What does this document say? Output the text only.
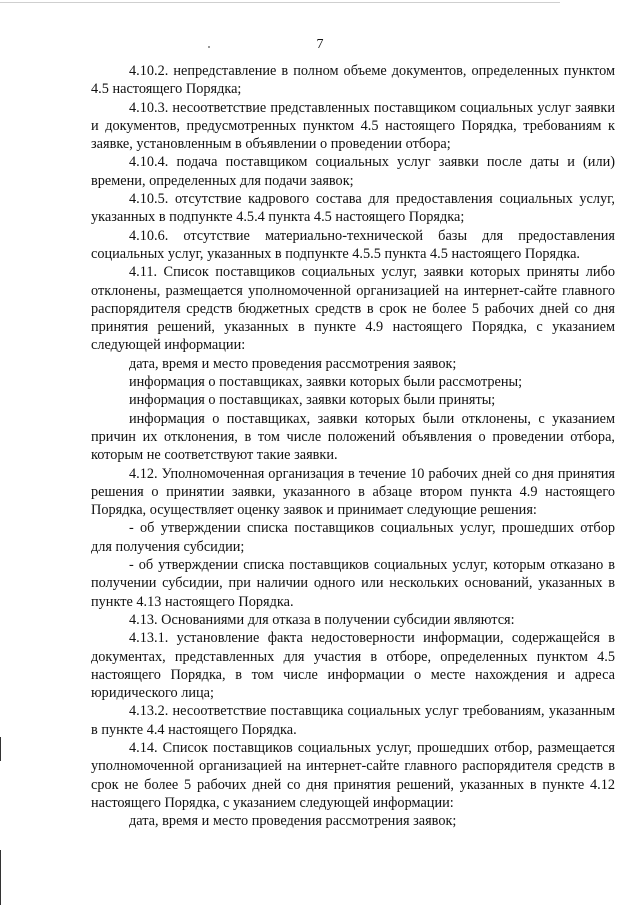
7

4.10.2. непредставление в полном объеме документов, определенных пунктом 4.5 настоящего Порядка;

4.10.3. несоответствие представленных поставщиком социальных услуг заявки и документов, предусмотренных пунктом 4.5 настоящего Порядка, требованиям к заявке, установленным в объявлении о проведении отбора;

4.10.4. подача поставщиком социальных услуг заявки после даты и (или) времени, определенных для подачи заявок;

4.10.5. отсутствие кадрового состава для предоставления социальных услуг, указанных в подпункте 4.5.4 пункта 4.5 настоящего Порядка;

4.10.6. отсутствие материально-технической базы для предоставления социальных услуг, указанных в подпункте 4.5.5 пункта 4.5 настоящего Порядка.

4.11. Список поставщиков социальных услуг, заявки которых приняты либо отклонены, размещается уполномоченной организацией на интернет-сайте главного распорядителя средств бюджетных средств в срок не более 5 рабочих дней со дня принятия решений, указанных в пункте 4.9 настоящего Порядка, с указанием следующей информации:

дата, время и место проведения рассмотрения заявок;

информация о поставщиках, заявки которых были рассмотрены;

информация о поставщиках, заявки которых были приняты;

информация о поставщиках, заявки которых были отклонены, с указанием причин их отклонения, в том числе положений объявления о проведении отбора, которым не соответствуют такие заявки.

4.12. Уполномоченная организация в течение 10 рабочих дней со дня принятия решения о принятии заявки, указанного в абзаце втором пункта 4.9 настоящего Порядка, осуществляет оценку заявок и принимает следующие решения:

- об утверждении списка поставщиков социальных услуг, прошедших отбор для получения субсидии;

- об утверждении списка поставщиков социальных услуг, которым отказано в получении субсидии, при наличии одного или нескольких оснований, указанных в пункте 4.13 настоящего Порядка.

4.13. Основаниями для отказа в получении субсидии являются:

4.13.1. установление факта недостоверности информации, содержащейся в документах, представленных для участия в отборе, определенных пунктом 4.5 настоящего Порядка, в том числе информации о месте нахождения и адреса юридического лица;

4.13.2. несоответствие поставщика социальных услуг требованиям, указанным в пункте 4.4 настоящего Порядка.

4.14. Список поставщиков социальных услуг, прошедших отбор, размещается уполномоченной организацией на интернет-сайте главного распорядителя средств в срок не более 5 рабочих дней со дня принятия решений, указанных в пункте 4.12 настоящего Порядка, с указанием следующей информации:

дата, время и место проведения рассмотрения заявок;
